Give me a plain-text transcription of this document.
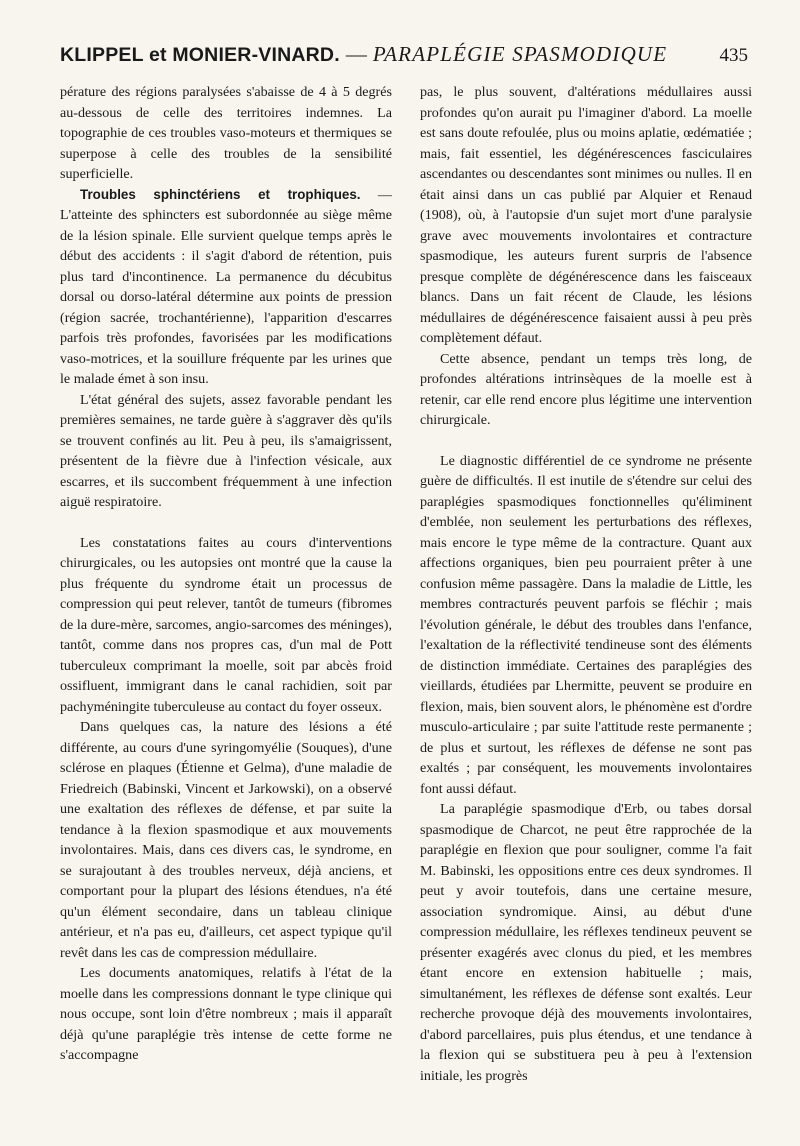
KLIPPEL et MONIER-VINARD. — PARAPLÉGIE SPASMODIQUE	435

pérature des régions paralysées s'abaisse de 4 à 5 degrés au-dessous de celle des territoires indemnes. La topographie de ces troubles vaso-moteurs et thermiques se superpose à celle des troubles de la sensibilité superficielle.

Troubles sphinctériens et trophiques. — L'atteinte des sphincters est subordonnée au siège même de la lésion spinale. Elle survient quelque temps après le début des accidents : il s'agit d'abord de rétention, puis plus tard d'incontinence. La permanence du décubitus dorsal ou dorso-latéral détermine aux points de pression (région sacrée, trochantérienne), l'apparition d'escarres parfois très profondes, favorisées par les modifications vaso-motrices, et la souillure fréquente par les urines que le malade émet à son insu.

L'état général des sujets, assez favorable pendant les premières semaines, ne tarde guère à s'aggraver dès qu'ils se trouvent confinés au lit. Peu à peu, ils s'amaigrissent, présentent de la fièvre due à l'infection vésicale, aux escarres, et ils succombent fréquemment à une infection aiguë respiratoire.

Les constatations faites au cours d'interventions chirurgicales, ou les autopsies ont montré que la cause la plus fréquente du syndrome était un processus de compression qui peut relever, tantôt de tumeurs (fibromes de la dure-mère, sarcomes, angio-sarcomes des méninges), tantôt, comme dans nos propres cas, d'un mal de Pott tuberculeux comprimant la moelle, soit par abcès froid ossifluent, immigrant dans le canal rachidien, soit par pachyméningite tuberculeuse au contact du foyer osseux.

Dans quelques cas, la nature des lésions a été différente, au cours d'une syringomyélie (Souques), d'une sclérose en plaques (Étienne et Gelma), d'une maladie de Friedreich (Babinski, Vincent et Jarkowski), on a observé une exaltation des réflexes de défense, et par suite la tendance à la flexion spasmodique et aux mouvements involontaires. Mais, dans ces divers cas, le syndrome, en se surajoutant à des troubles nerveux, déjà anciens, et comportant pour la plupart des lésions étendues, n'a été qu'un élément secondaire, dans un tableau clinique antérieur, et n'a pas eu, d'ailleurs, cet aspect typique qu'il revêt dans les cas de compression médullaire.

Les documents anatomiques, relatifs à l'état de la moelle dans les compressions donnant le type clinique qui nous occupe, sont loin d'être nombreux ; mais il apparaît déjà qu'une paraplégie très intense de cette forme ne s'accompagne

pas, le plus souvent, d'altérations médullaires aussi profondes qu'on aurait pu l'imaginer d'abord. La moelle est sans doute refoulée, plus ou moins aplatie, œdématiée ; mais, fait essentiel, les dégénérescences fasciculaires ascendantes ou descendantes sont minimes ou nulles. Il en était ainsi dans un cas publié par Alquier et Renaud (1908), où, à l'autopsie d'un sujet mort d'une paralysie grave avec mouvements involontaires et contracture spasmodique, les auteurs furent surpris de l'absence presque complète de dégénérescence dans les faisceaux blancs. Dans un fait récent de Claude, les lésions médullaires de dégénérescence faisaient aussi à peu près complètement défaut.

Cette absence, pendant un temps très long, de profondes altérations intrinsèques de la moelle est à retenir, car elle rend encore plus légitime une intervention chirurgicale.

Le diagnostic différentiel de ce syndrome ne présente guère de difficultés. Il est inutile de s'étendre sur celui des paraplégies spasmodiques fonctionnelles qu'éliminent d'emblée, non seulement les perturbations des réflexes, mais encore le type même de la contracture. Quant aux affections organiques, bien peu pourraient prêter à une confusion même passagère. Dans la maladie de Little, les membres contracturés peuvent parfois se fléchir ; mais l'évolution générale, le début des troubles dans l'enfance, l'exaltation de la réflectivité tendineuse sont des éléments de distinction immédiate. Certaines des paraplégies des vieillards, étudiées par Lhermitte, peuvent se produire en flexion, mais, bien souvent alors, le phénomène est d'ordre musculo-articulaire ; par suite l'attitude reste permanente ; de plus et surtout, les réflexes de défense ne sont pas exaltés ; par conséquent, les mouvements involontaires font aussi défaut.

La paraplégie spasmodique d'Erb, ou tabes dorsal spasmodique de Charcot, ne peut être rapprochée de la paraplégie en flexion que pour souligner, comme l'a fait M. Babinski, les oppositions entre ces deux syndromes. Il peut y avoir toutefois, dans une certaine mesure, association syndromique. Ainsi, au début d'une compression médullaire, les réflexes tendineux peuvent se présenter exagérés avec clonus du pied, et les membres étant encore en extension habituelle ; mais, simultanément, les réflexes de défense sont exaltés. Leur recherche provoque déjà des mouvements involontaires, d'abord parcellaires, puis plus étendus, et une tendance à la flexion qui se substituera peu à peu à l'extension initiale, les progrès
